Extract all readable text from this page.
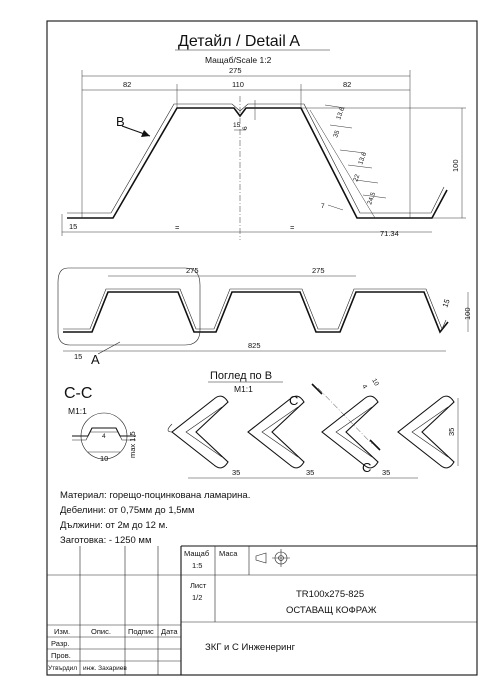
Детайл / Detail A
Мащаб/Scale 1:2
275
82	110	82
15 6
13.6
35
13.6
22
24.5
7
100
15	=	=
71.34
B
275	275
825
15 A
15
100
Поглед по В
М1:1
C
C
35	35	35
35
10
4
C-C
M1:1
4
10
max 1.5
Материал: горещо-поцинкована ламарина.
Дебелини: от 0,75мм до 1,5мм
Дължини: от 2м до 12 м.
Заготовка: - 1250 мм
Мащаб
1:5
Маса
Лист
1/2	TR100x275-825
ОСТАВАЩ КОФРАЖ
ЗКГ и С Инженеринг
Разр.
Пров.
Утвърдил инж. Захариев
Изм.	Опис. Подпис Дата
